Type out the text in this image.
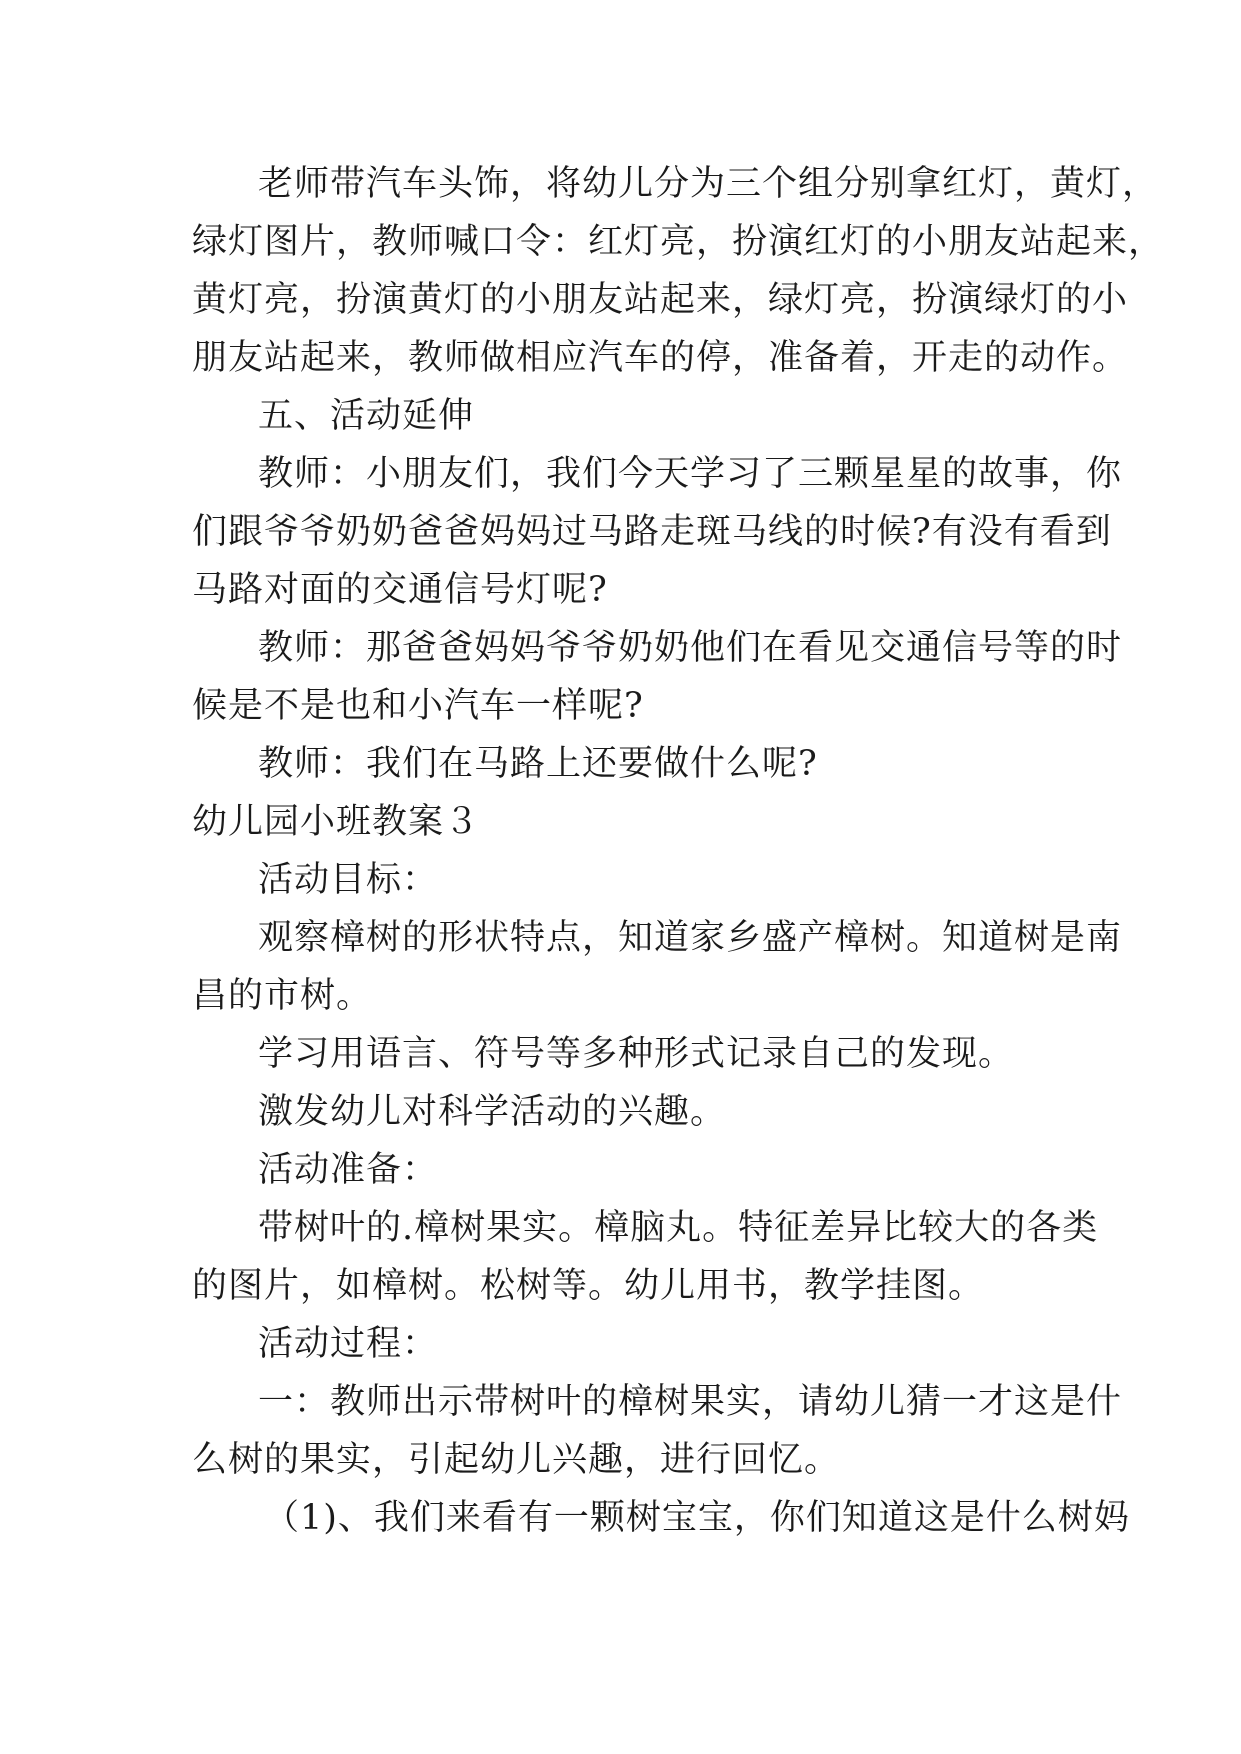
老师带汽车头饰，将幼儿分为三个组分别拿红灯，黄灯，
绿灯图片，教师喊口令：红灯亮，扮演红灯的小朋友站起来，
黄灯亮，扮演黄灯的小朋友站起来，绿灯亮，扮演绿灯的小
朋友站起来，教师做相应汽车的停，准备着，开走的动作。
五、活动延伸
教师：小朋友们，我们今天学习了三颗星星的故事，你
们跟爷爷奶奶爸爸妈妈过马路走斑马线的时候?有没有看到
马路对面的交通信号灯呢?
教师：那爸爸妈妈爷爷奶奶他们在看见交通信号等的时
候是不是也和小汽车一样呢?
教师：我们在马路上还要做什么呢?
幼儿园小班教案３
活动目标：
观察樟树的形状特点，知道家乡盛产樟树。知道树是南
昌的市树。
学习用语言、符号等多种形式记录自己的发现。
激发幼儿对科学活动的兴趣。
活动准备：
带树叶的.樟树果实。樟脑丸。特征差异比较大的各类
的图片，如樟树。松树等。幼儿用书，教学挂图。
活动过程：
一：教师出示带树叶的樟树果实，请幼儿猜一才这是什
么树的果实，引起幼儿兴趣，进行回忆。
（1)、我们来看有一颗树宝宝，你们知道这是什么树妈
